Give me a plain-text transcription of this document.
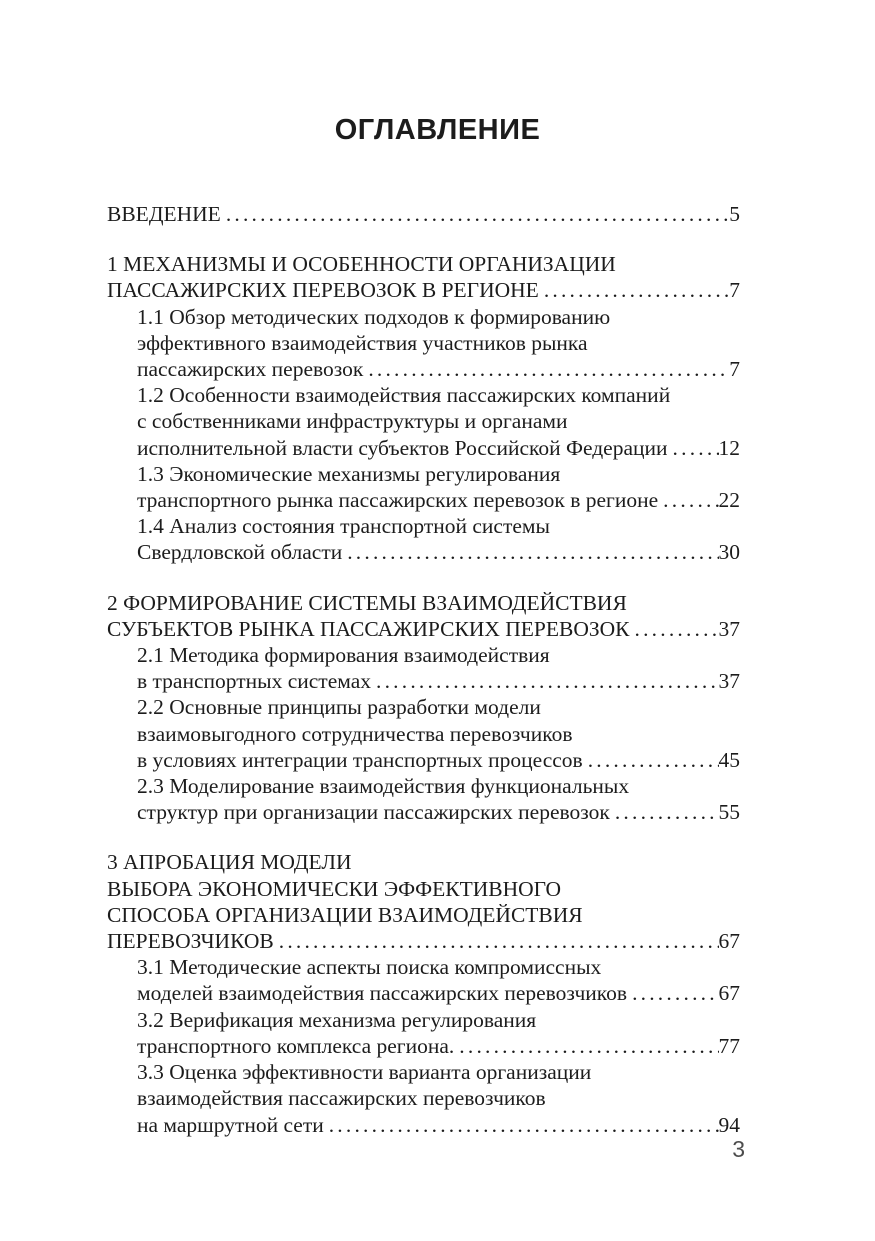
ОГЛАВЛЕНИЕ
ВВЕДЕНИЕ .....	5
1 МЕХАНИЗМЫ И ОСОБЕННОСТИ ОРГАНИЗАЦИИ
ПАССАЖИРСКИХ ПЕРЕВОЗОК В РЕГИОНЕ .....	7
1.1 Обзор методических подходов к формированию
эффективного взаимодействия участников рынка
пассажирских перевозок .....	7
1.2 Особенности взаимодействия пассажирских компаний
с собственниками инфраструктуры и органами
исполнительной власти субъектов Российской Федерации ..... 12
1.3 Экономические механизмы регулирования
транспортного рынка пассажирских перевозок в регионе .....	22
1.4 Анализ состояния транспортной системы
Свердловской области .....	30
2 ФОРМИРОВАНИЕ СИСТЕМЫ ВЗАИМОДЕЙСТВИЯ
СУБЪЕКТОВ РЫНКА ПАССАЖИРСКИХ ПЕРЕВОЗОК .....	37
2.1 Методика формирования взаимодействия
в транспортных системах .....	37
2.2 Основные принципы разработки модели
взаимовыгодного сотрудничества перевозчиков
в условиях интеграции транспортных процессов .....	45
2.3 Моделирование взаимодействия функциональных
структур при организации пассажирских перевозок .....	55
3 АПРОБАЦИЯ МОДЕЛИ
ВЫБОРА ЭКОНОМИЧЕСКИ ЭФФЕКТИВНОГО
СПОСОБА ОРГАНИЗАЦИИ ВЗАИМОДЕЙСТВИЯ
ПЕРЕВОЗЧИКОВ .....	67
3.1 Методические аспекты поиска компромиссных
моделей взаимодействия пассажирских перевозчиков .....	67
3.2 Верификация механизма регулирования
транспортного комплекса региона. .....	77
3.3 Оценка эффективности варианта организации
взаимодействия пассажирских перевозчиков
на маршрутной сети .....	94
3
